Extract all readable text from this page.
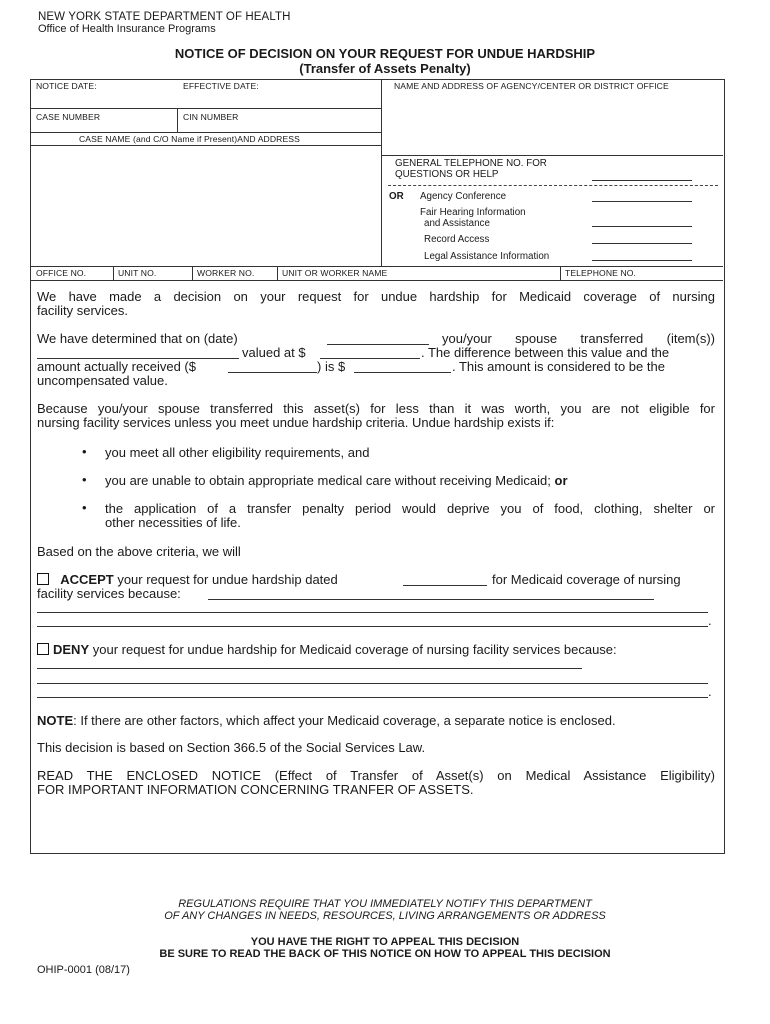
NEW YORK STATE DEPARTMENT OF HEALTH
Office of Health Insurance Programs
NOTICE OF DECISION ON YOUR REQUEST FOR UNDUE HARDSHIP
(Transfer of Assets Penalty)
NOTICE DATE:	EFFECTIVE DATE:	NAME AND ADDRESS OF AGENCY/CENTER OR DISTRICT OFFICE
CASE NUMBER	CIN NUMBER
CASE NAME (and C/O Name if Present)AND ADDRESS
OFFICE NO.	UNIT NO.	WORKER NO.	UNIT OR WORKER NAME	TELEPHONE NO.
GENERAL TELEPHONE NO. FOR
QUESTIONS OR HELP
OR Agency Conference
Fair Hearing Information
and Assistance
Record Access
Legal Assistance Information
We have made a decision on your request for undue hardship for Medicaid coverage of nursing
facility services.
We have determined that on (date)	you/your spouse transferred (item(s))
valued at $	. The difference between this value and the
amount actually received ($	) is $	. This amount is considered to be the
uncompensated value.
Because you/your spouse transferred this asset(s) for less than it was worth, you are not eligible for
nursing facility services unless you meet undue hardship criteria. Undue hardship exists if:
• you meet all other eligibility requirements, and
• you are unable to obtain appropriate medical care without receiving Medicaid; or
• the application of a transfer penalty period would deprive you of food, clothing, shelter or
other necessities of life.
Based on the above criteria, we will
ACCEPT your request for undue hardship dated	for Medicaid coverage of nursing
facility services because:
.
DENY your request for undue hardship for Medicaid coverage of nursing facility services because:
.
NOTE: If there are other factors, which affect your Medicaid coverage, a separate notice is enclosed.
This decision is based on Section 366.5 of the Social Services Law.
READ THE ENCLOSED NOTICE (Effect of Transfer of Asset(s) on Medical Assistance Eligibility)
FOR IMPORTANT INFORMATION CONCERNING TRANFER OF ASSETS.
REGULATIONS REQUIRE THAT YOU IMMEDIATELY NOTIFY THIS DEPARTMENT
OF ANY CHANGES IN NEEDS, RESOURCES, LIVING ARRANGEMENTS OR ADDRESS
YOU HAVE THE RIGHT TO APPEAL THIS DECISION
BE SURE TO READ THE BACK OF THIS NOTICE ON HOW TO APPEAL THIS DECISION
OHIP-0001 (08/17)
